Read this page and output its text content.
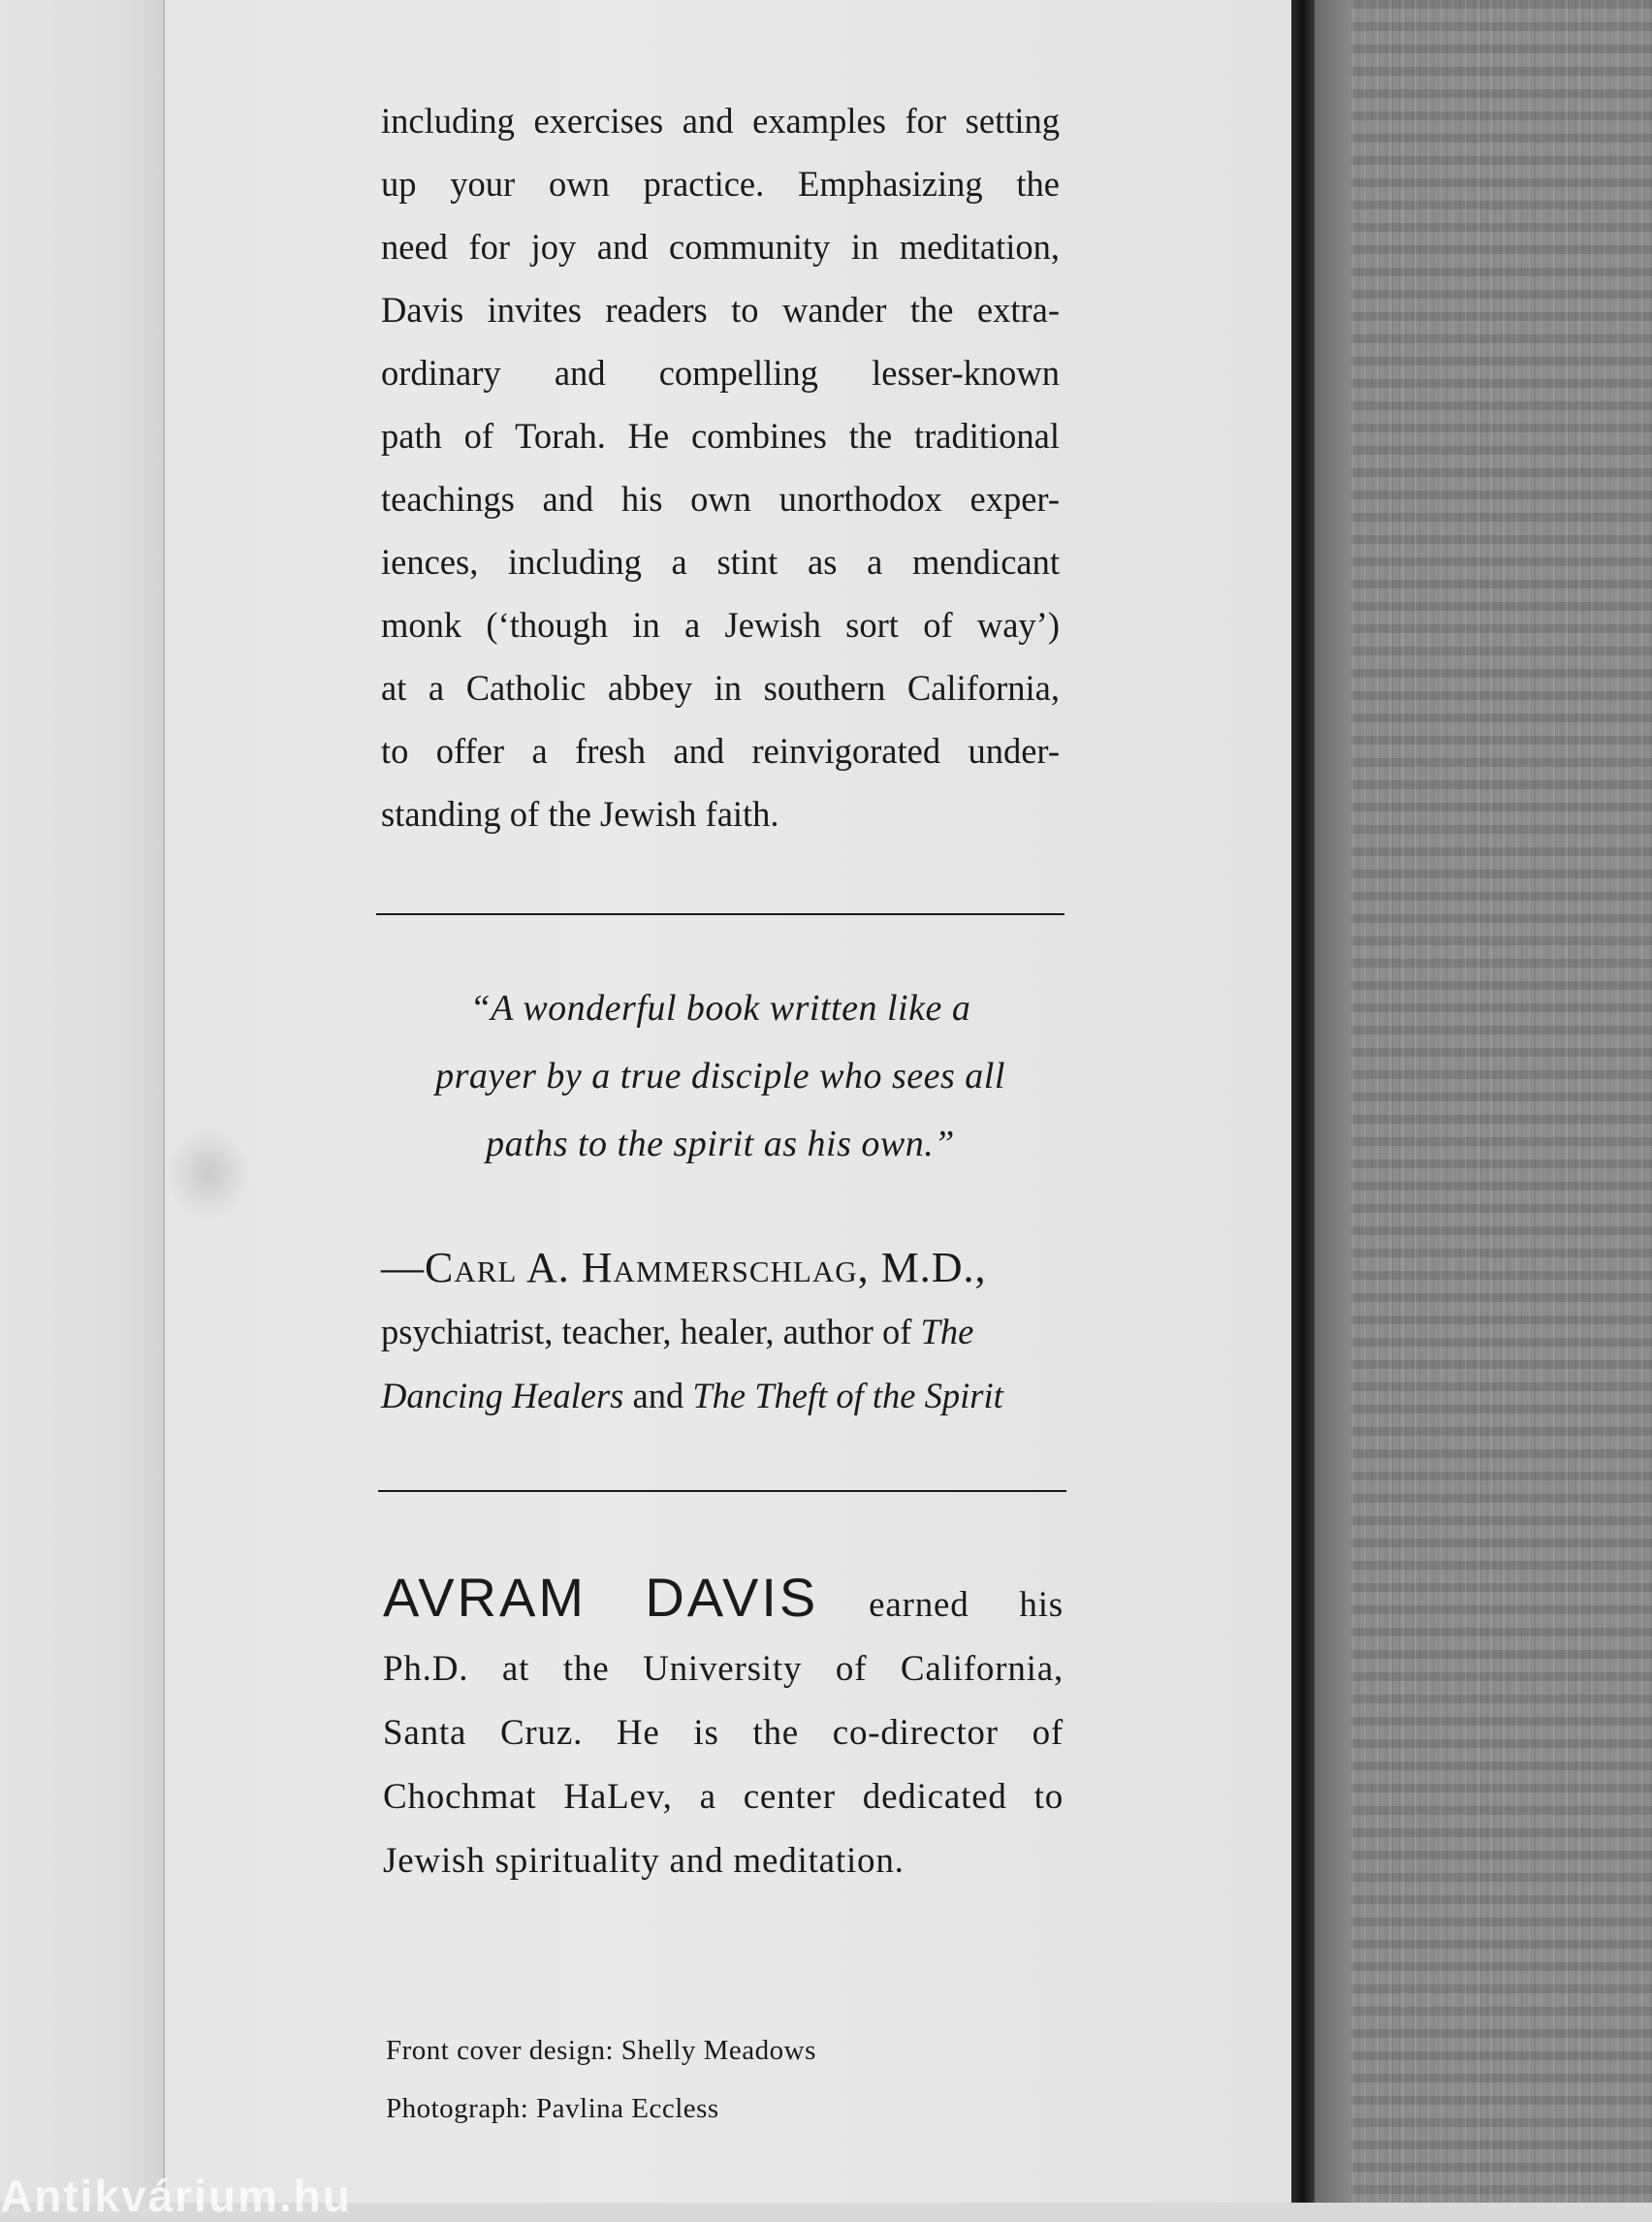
including exercises and examples for setting
up your own practice. Emphasizing the
need for joy and community in meditation,
Davis invites readers to wander the extra-
ordinary and compelling lesser-known
path of Torah. He combines the traditional
teachings and his own unorthodox exper-
iences, including a stint as a mendicant
monk (‘though in a Jewish sort of way’)
at a Catholic abbey in southern California,
to offer a fresh and reinvigorated under-
standing of the Jewish faith.
“A wonderful book written like a
prayer by a true disciple who sees all
paths to the spirit as his own.”
—Carl A. Hammerschlag, M.D.,
psychiatrist, teacher, healer, author of The
Dancing Healers and The Theft of the Spirit
AVRAM DAVIS earned his
Ph.D. at the University of California,
Santa Cruz. He is the co-director of
Chochmat HaLev, a center dedicated to
Jewish spirituality and meditation.
Front cover design: Shelly Meadows
Photograph: Pavlina Eccless
Antikvárium.hu
